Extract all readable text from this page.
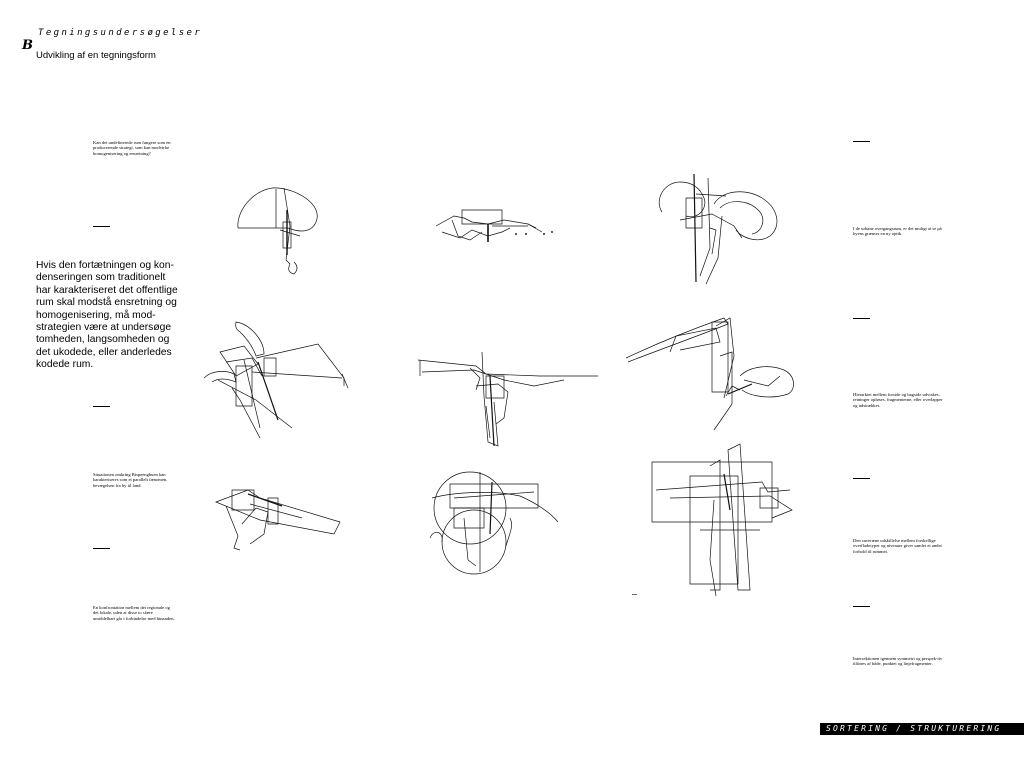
B
Tegningsundersøgelser
Udvikling af en tegningsform
Kan det undefinerede rum fungere som en producerende strategi, som kan modvirke homogenisering og ensretning?
Hvis den fortætningen og kon-denseringen som traditionelt har karakteriseret det offentlige rum skal modstå ensretning og homogenisering, må mod-strategien være at undersøge tomheden, langsomheden og det ukodede, eller anderledes kodede rum.
Situationen omkring Bispeengbuen kan karakteriseres som et parallelt fænomen, bevægelsen fra by til land.
En konfrontation mellem det regionale og det lokale, uden at disse to sfære umiddelbart går i forbindelse med hinanden.
I de urbane overgangsrum, er det muligt at se på byens grænser en ny optik.
Hierarkiet mellem forside og bagside udviskes, retninger opløses, fragmenterne, eller overlapper og udstrækker.
Den suveræne udskillelse mellem forskellige overfladetyper og niveauer giver samlet et andet forhold til rummet.
Intersektionen igennem symmetri og perspek-tiv tilføres af både, punktet og linjefragmenter.
SORTERING / STRUKTURERING
